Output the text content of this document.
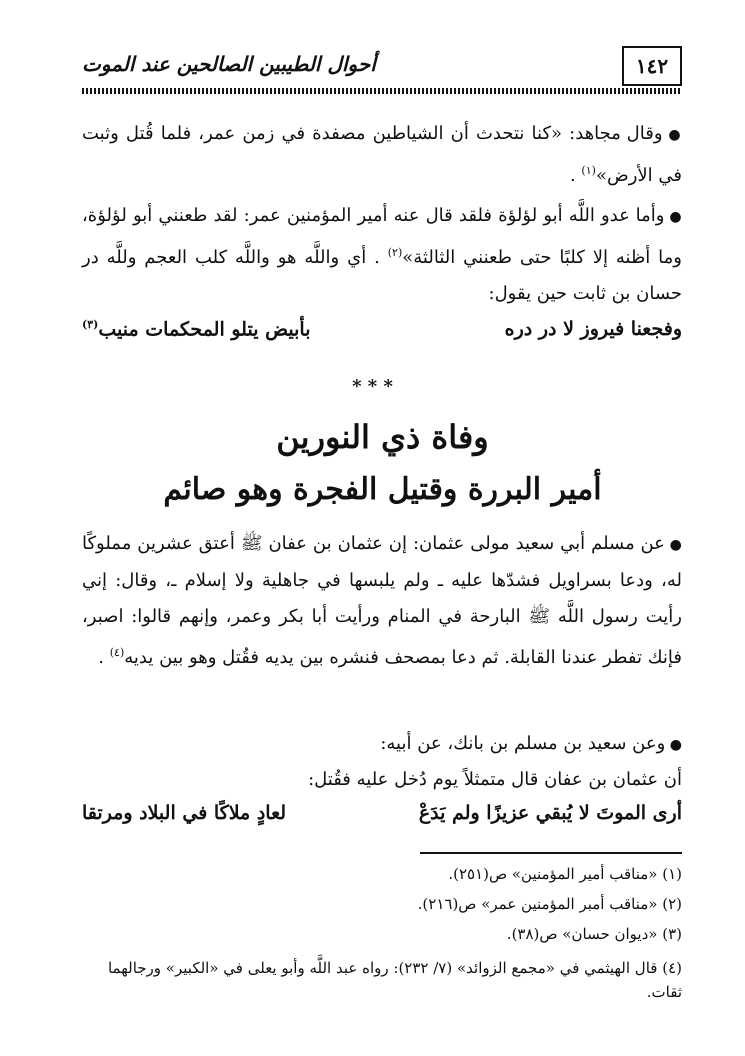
١٤٢
أحوال الطيبين الصالحين عند الموت
● وقال مجاهد: «كنا نتحدث أن الشياطين مصفدة في زمن عمر، فلما قُتل وثبت في الأرض»$^{(١)}$ .
● وأما عدو اللَّه أبو لؤلؤة فلقد قال عنه أمير المؤمنين عمر: لقد طعنني أبو لؤلؤة، وما أظنه إلا كلبًا حتى طعنني الثالثة»$^{(٢)}$ . أي واللَّه هو واللَّه كلب العجم وللَّه در حسان بن ثابت حين يقول:
وفجعنا فيروز لا در دره
بأبيض يتلو المحكمات منيب$^{(٣)}$
* * *
وفاة ذي النورين
أمير البررة وقتيل الفجرة وهو صائم
● عن مسلم أبي سعيد مولى عثمان: إن عثمان بن عفان ﷺ أعتق عشرين مملوكًا له، ودعا بسراويل فشدّها عليه ـ ولم يلبسها في جاهلية ولا إسلام ـ، وقال: إني رأيت رسول اللَّه ﷺ البارحة في المنام ورأيت أبا بكر وعمر، وإنهم قالوا: اصبر، فإنك تفطر عندنا القابلة. ثم دعا بمصحف فنشره بين يديه فقُتل وهو بين يديه$^{(٤)}$ .
● وعن سعيد بن مسلم بن بانك، عن أبيه:
أن عثمان بن عفان قال متمثلاً يوم دُخل عليه فقُتل:
أرى الموتَ لا يُبقي عزيزًا ولم يَدَعْ
لعادٍ ملاكًا في البلاد ومرتقا
(١) «مناقب أمير المؤمنين» ص(٢٥١).
(٢) «مناقب أمبر المؤمنين عمر» ص(٢١٦).
(٣) «ديوان حسان» ص(٣٨).
(٤) قال الهيثمي في «مجمع الزوائد» (٧/ ٢٣٢): رواه عبد اللَّه وأبو يعلى في «الكبير» ورجالهما ثقات.
